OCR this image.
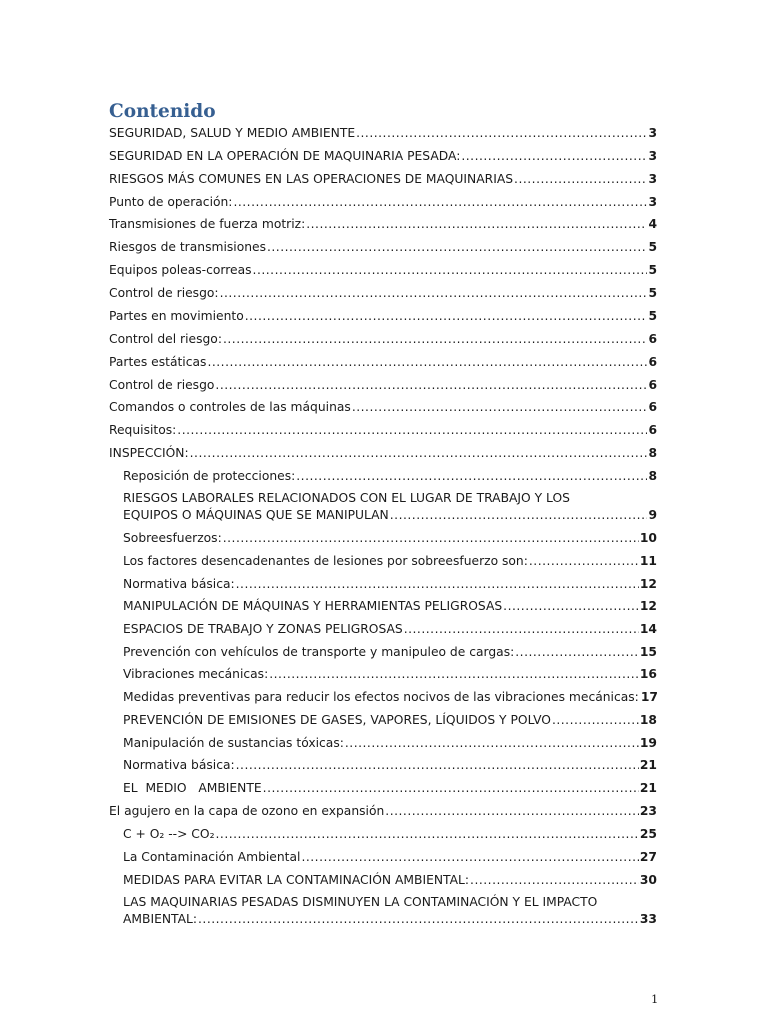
Contenido
SEGURIDAD, SALUD Y MEDIO AMBIENTE .....	3
SEGURIDAD EN LA OPERACIÓN DE MAQUINARIA PESADA: .....	3
RIESGOS MÁS COMUNES EN LAS OPERACIONES DE MAQUINARIAS .....	3
Punto de operación: .....	3
Transmisiones de fuerza motriz: .....	4
Riesgos de transmisiones .....	5
Equipos poleas-correas .....	5
Control de riesgo: .....	5
Partes en movimiento .....	5
Control del riesgo: .....	6
Partes estáticas .....	6
Control de riesgo .....	6
Comandos o controles de las máquinas .....	6
Requisitos: .....	6
INSPECCIÓN: .....	8
Reposición de protecciones: .....	8
RIESGOS LABORALES RELACIONADOS CON EL LUGAR DE TRABAJO Y LOS
EQUIPOS O MÁQUINAS QUE SE MANIPULAN .....	9
Sobreesfuerzos: .....	10
Los factores desencadenantes de lesiones por sobreesfuerzo son: .....	11
Normativa básica: .....	12
MANIPULACIÓN DE MÁQUINAS Y HERRAMIENTAS PELIGROSAS .....	12
ESPACIOS DE TRABAJO Y ZONAS PELIGROSAS .....	14
Prevención con vehículos de transporte y manipuleo de cargas: .....	15
Vibraciones mecánicas: .....	16
Medidas preventivas para reducir los efectos nocivos de las vibraciones mecánicas: 17
PREVENCIÓN DE EMISIONES DE GASES, VAPORES, LÍQUIDOS Y POLVO .....	18
Manipulación de sustancias tóxicas: .....	19
Normativa básica: .....	21
EL  MEDIO   AMBIENTE .....	21
El agujero en la capa de ozono en expansión .....	23
C + O₂ --> CO₂ .....	25
La Contaminación Ambiental .....	27
MEDIDAS PARA EVITAR LA CONTAMINACIÓN AMBIENTAL: .....	30
LAS MAQUINARIAS PESADAS DISMINUYEN LA CONTAMINACIÓN Y EL IMPACTO
AMBIENTAL: .....	33
1
